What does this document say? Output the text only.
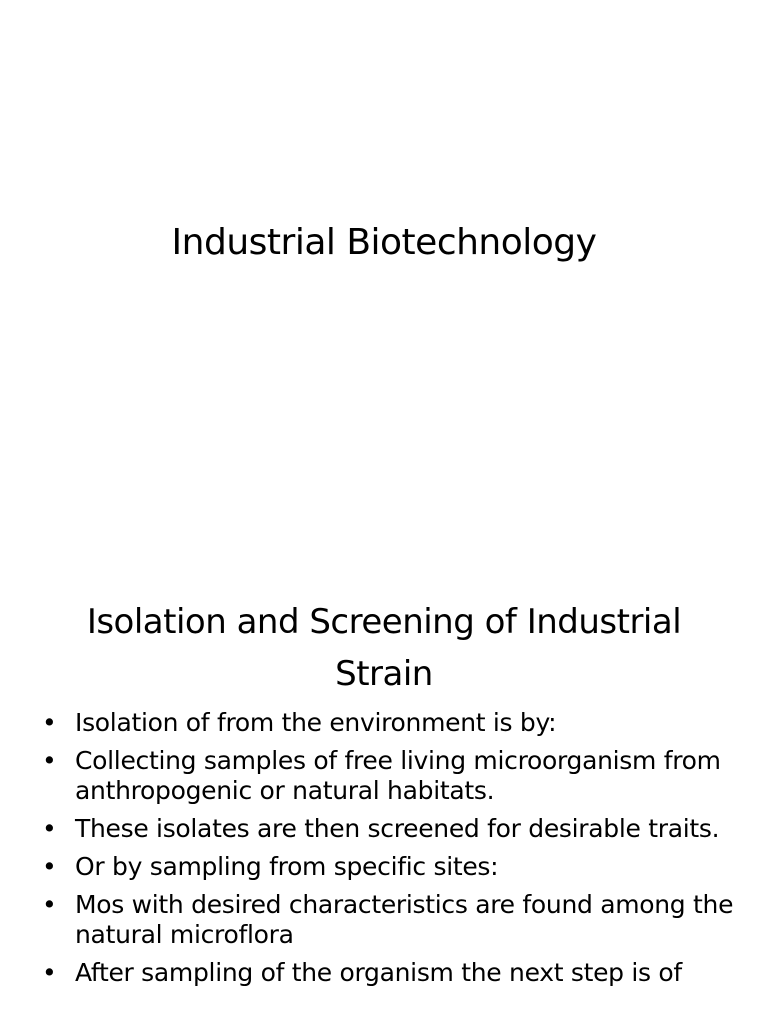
Industrial Biotechnology
Isolation and Screening of Industrial Strain
• Isolation of from the environment is by:
• Collecting samples of free living microorganism from anthropogenic or natural habitats.
• These isolates are then screened for desirable traits.
• Or by sampling from specific sites:
• Mos with desired characteristics are found among the natural microflora
• After sampling of the organism the next step is of
